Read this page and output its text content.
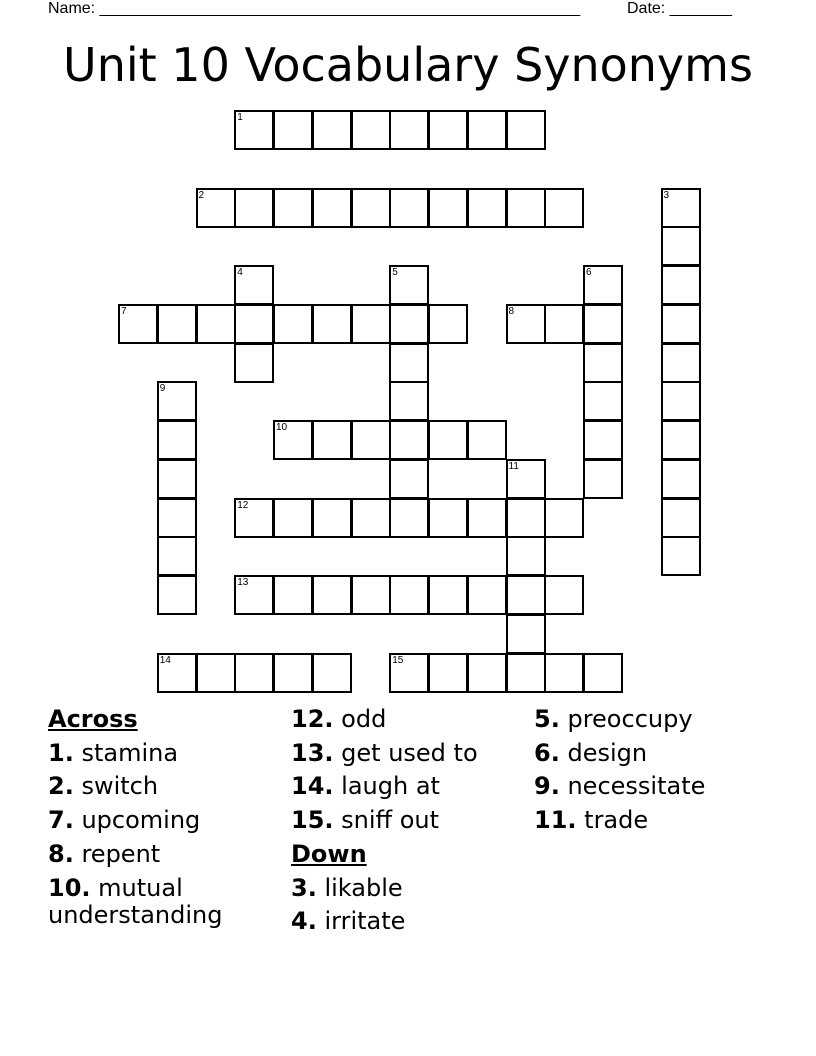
Name: ______________________________________________________	Date: _______
Unit 10 Vocabulary Synonyms
1
2	3
4	5	6
7	8
9
10
11
12
13
14	15
Across
1. stamina
2. switch
7. upcoming
8. repent
10. mutual understanding
12. odd
13. get used to
14. laugh at
15. sniff out
Down
3. likable
4. irritate
5. preoccupy
6. design
9. necessitate
11. trade
